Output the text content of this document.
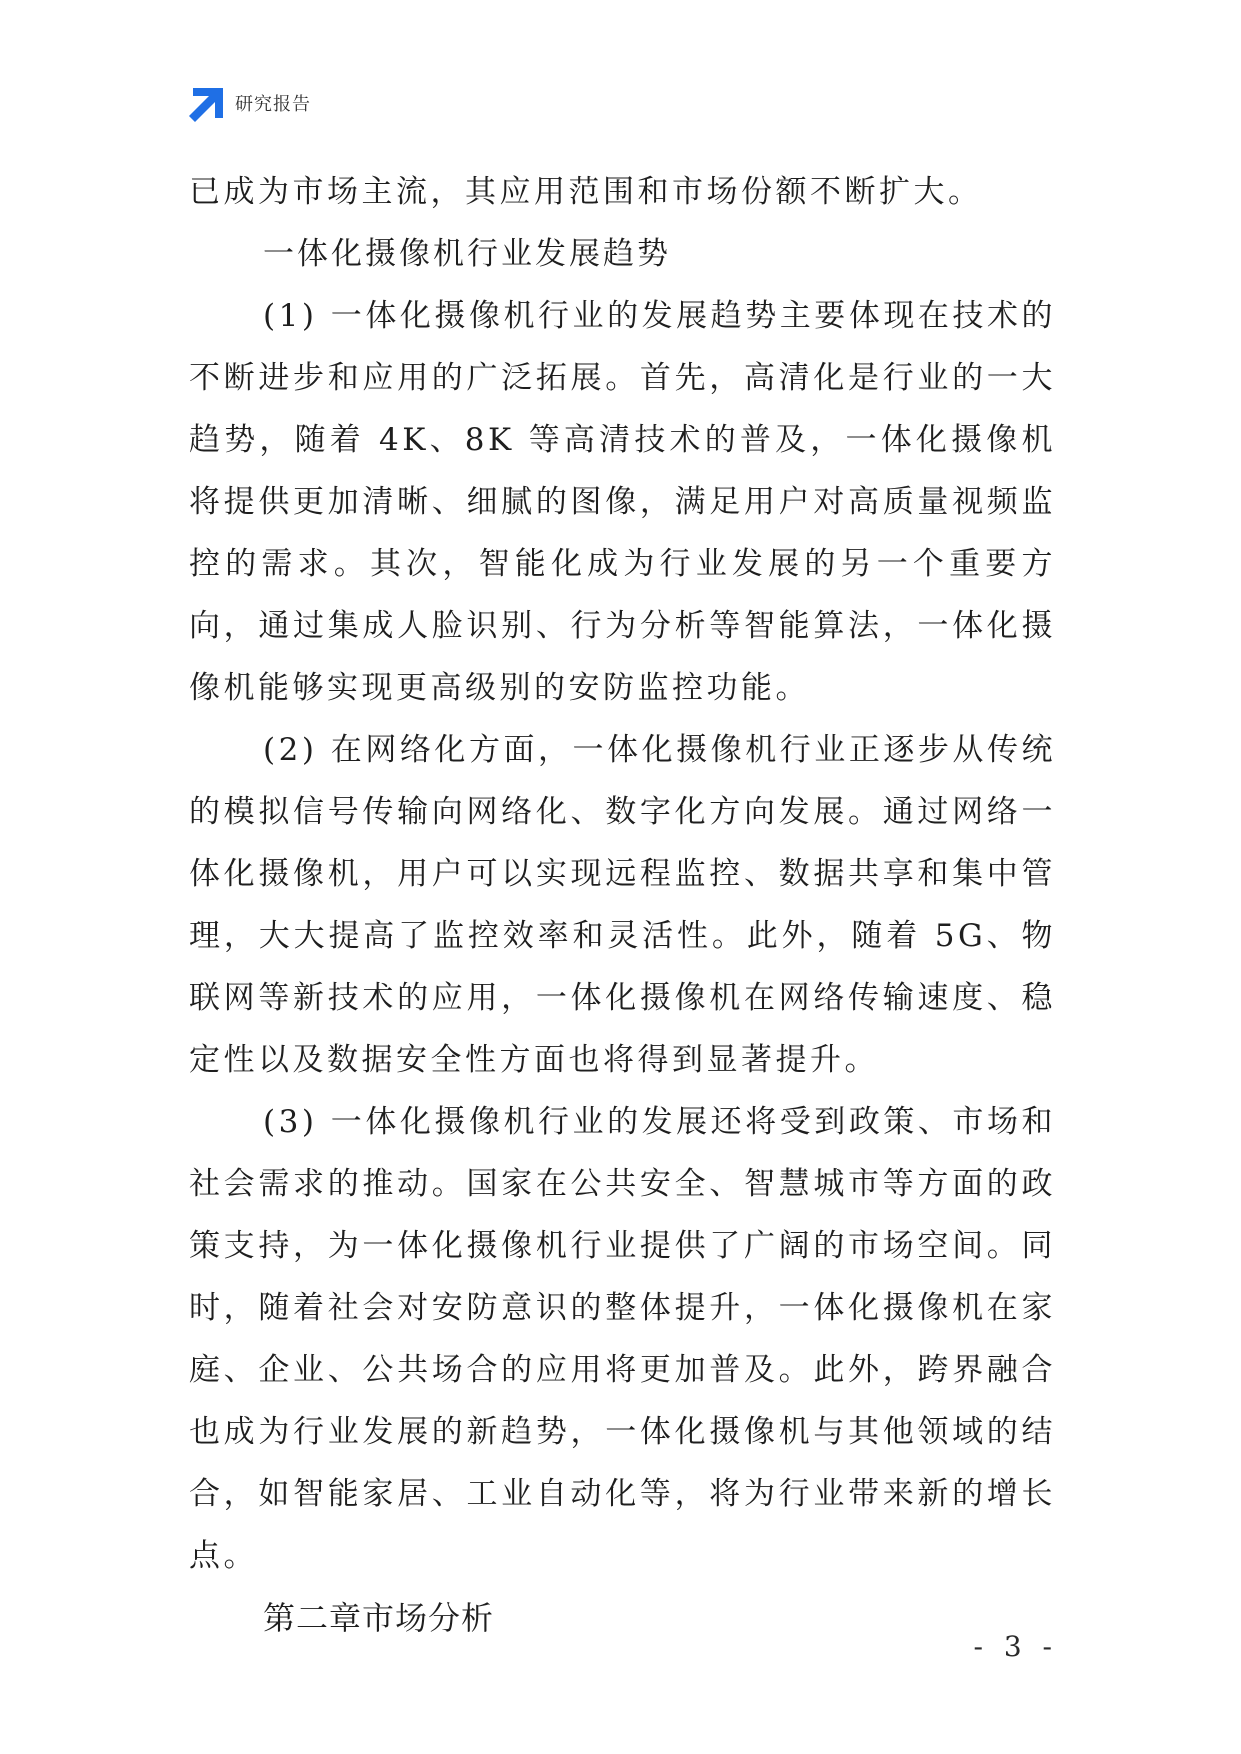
研究报告

已成为市场主流，其应用范围和市场份额不断扩大。

一体化摄像机行业发展趋势

(1) 一体化摄像机行业的发展趋势主要体现在技术的不断进步和应用的广泛拓展。首先，高清化是行业的一大趋势，随着 4K、8K 等高清技术的普及，一体化摄像机将提供更加清晰、细腻的图像，满足用户对高质量视频监控的需求。其次，智能化成为行业发展的另一个重要方向，通过集成人脸识别、行为分析等智能算法，一体化摄像机能够实现更高级别的安防监控功能。

(2) 在网络化方面，一体化摄像机行业正逐步从传统的模拟信号传输向网络化、数字化方向发展。通过网络一体化摄像机，用户可以实现远程监控、数据共享和集中管理，大大提高了监控效率和灵活性。此外，随着 5G、物联网等新技术的应用，一体化摄像机在网络传输速度、稳定性以及数据安全性方面也将得到显著提升。

(3) 一体化摄像机行业的发展还将受到政策、市场和社会需求的推动。国家在公共安全、智慧城市等方面的政策支持，为一体化摄像机行业提供了广阔的市场空间。同时，随着社会对安防意识的整体提升，一体化摄像机在家庭、企业、公共场合的应用将更加普及。此外，跨界融合也成为行业发展的新趋势，一体化摄像机与其他领域的结合，如智能家居、工业自动化等，将为行业带来新的增长点。

第二章市场分析

- 3 -
